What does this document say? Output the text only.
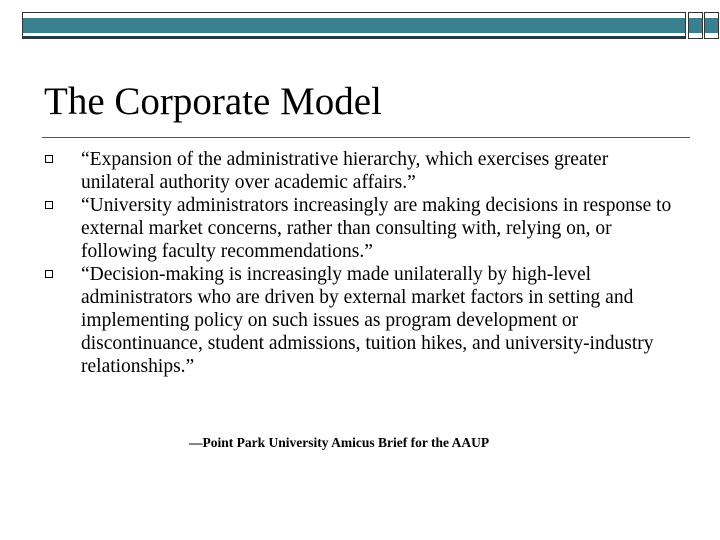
The Corporate Model
“Expansion of the administrative hierarchy, which exercises greater unilateral authority over academic affairs.”
“University administrators increasingly are making decisions in response to external market concerns, rather than consulting with, relying on, or following faculty recommendations.”
“Decision-making is increasingly made unilaterally by high-level administrators who are driven by external market factors in setting and implementing policy on such issues as program development or discontinuance, student admissions, tuition hikes, and university-industry relationships.”
—Point Park University Amicus Brief for the AAUP
